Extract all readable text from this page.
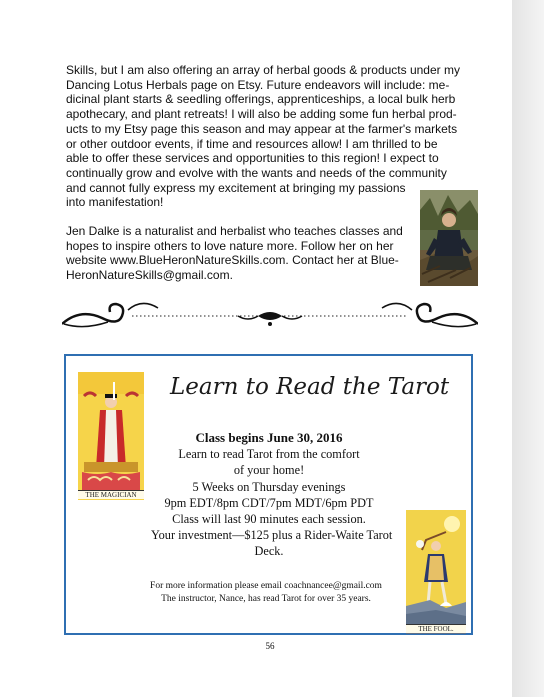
Skills, but I am also offering an array of herbal goods & products under my

Dancing Lotus Herbals page on Etsy. Future endeavors will include: me-

dicinal plant starts & seedling offerings, apprenticeships, a local bulk herb

apothecary, and plant retreats! I will also be adding some fun herbal prod-

ucts to my Etsy page this season and may appear at the farmer's markets

or other outdoor events, if time and resources allow! I am thrilled to be

able to offer these services and opportunities to this region! I expect to

continually grow and evolve with the wants and needs of the community

and cannot fully express my excitement at bringing my passions

into manifestation!

Jen Dalke is a naturalist and herbalist who teaches classes and

hopes to inspire others to love nature more. Follow her on her

website www.BlueHeronNatureSkills.com. Contact her at Blue-

HeronNatureSkills@gmail.com.

THE MAGICIAN
Learn to Read the Tarot
Class begins June 30, 2016
Learn to read Tarot from the comfort
of your home!
5 Weeks on Thursday evenings
9pm EDT/8pm CDT/7pm MDT/6pm PDT
Class will last 90 minutes each session.
Your investment—$125 plus a Rider-Waite Tarot
Deck.
For more information please email coachnancee@gmail.com
The instructor, Nance, has read Tarot for over 35 years.
THE FOOL.
56
